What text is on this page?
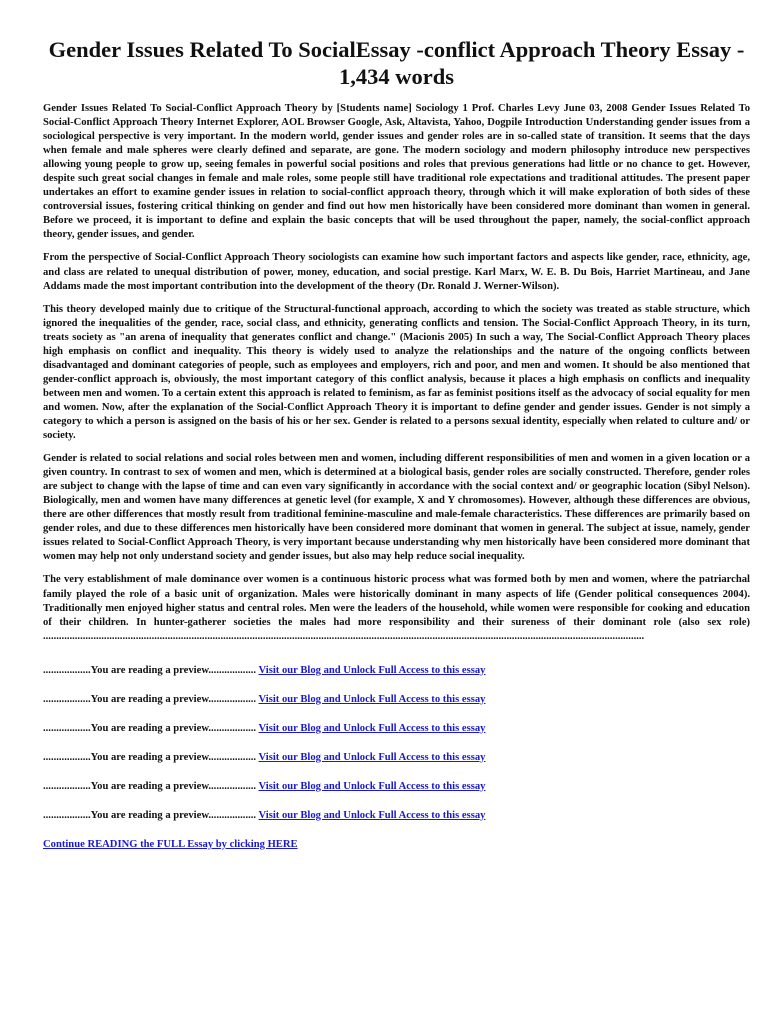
Gender Issues Related To SocialEssay -conflict Approach Theory Essay - 1,434 words

Gender Issues Related To Social-Conflict Approach Theory by [Students name] Sociology 1 Prof. Charles Levy June 03, 2008 Gender Issues Related To Social-Conflict Approach Theory Internet Explorer, AOL Browser Google, Ask, Altavista, Yahoo, Dogpile Introduction Understanding gender issues from a sociological perspective is very important. In the modern world, gender issues and gender roles are in so-called state of transition. It seems that the days when female and male spheres were clearly defined and separate, are gone. The modern sociology and modern philosophy introduce new perspectives allowing young people to grow up, seeing females in powerful social positions and roles that previous generations had little or no chance to get. However, despite such great social changes in female and male roles, some people still have traditional role expectations and traditional attitudes. The present paper undertakes an effort to examine gender issues in relation to social-conflict approach theory, through which it will make exploration of both sides of these controversial issues, fostering critical thinking on gender and find out how men historically have been considered more dominant than women in general. Before we proceed, it is important to define and explain the basic concepts that will be used throughout the paper, namely, the social-conflict approach theory, gender issues, and gender.

From the perspective of Social-Conflict Approach Theory sociologists can examine how such important factors and aspects like gender, race, ethnicity, age, and class are related to unequal distribution of power, money, education, and social prestige. Karl Marx, W. E. B. Du Bois, Harriet Martineau, and Jane Addams made the most important contribution into the development of the theory (Dr. Ronald J. Werner-Wilson).

This theory developed mainly due to critique of the Structural-functional approach, according to which the society was treated as stable structure, which ignored the inequalities of the gender, race, social class, and ethnicity, generating conflicts and tension. The Social-Conflict Approach Theory, in its turn, treats society as "an arena of inequality that generates conflict and change." (Macionis 2005) In such a way, The Social-Conflict Approach Theory places high emphasis on conflict and inequality. This theory is widely used to analyze the relationships and the nature of the ongoing conflicts between disadvantaged and dominant categories of people, such as employees and employers, rich and poor, and men and women. It should be also mentioned that gender-conflict approach is, obviously, the most important category of this conflict analysis, because it places a high emphasis on conflicts and inequality between men and women. To a certain extent this approach is related to feminism, as far as feminist positions itself as the advocacy of social equality for men and women. Now, after the explanation of the Social-Conflict Approach Theory it is important to define gender and gender issues. Gender is not simply a category to which a person is assigned on the basis of his or her sex. Gender is related to a persons sexual identity, especially when related to culture and/ or society.

Gender is related to social relations and social roles between men and women, including different responsibilities of men and women in a given location or a given country. In contrast to sex of women and men, which is determined at a biological basis, gender roles are socially constructed. Therefore, gender roles are subject to change with the lapse of time and can even vary significantly in accordance with the social context and/ or geographic location (Sibyl Nelson). Biologically, men and women have many differences at genetic level (for example, X and Y chromosomes). However, although these differences are obvious, there are other differences that mostly result from traditional feminine-masculine and male-female characteristics. These differences are primarily based on gender roles, and due to these differences men historically have been considered more dominant that women in general. The subject at issue, namely, gender issues related to Social-Conflict Approach Theory, is very important because understanding why men historically have been considered more dominant that women may help not only understand society and gender issues, but also may help reduce social inequality.

The very establishment of male dominance over women is a continuous historic process what was formed both by men and women, where the patriarchal family played the role of a basic unit of organization. Males were historically dominant in many aspects of life (Gender political consequences 2004). Traditionally men enjoyed higher status and central roles. Men were the leaders of the household, while women were responsible for cooking and education of their children. In hunter-gatherer societies the males had more responsibility and their sureness of their dominant role (also sex role)

...................................................................................................................................................................................................................................
..................You are reading a preview.................. Visit our Blog and Unlock Full Access to this essay
..................You are reading a preview.................. Visit our Blog and Unlock Full Access to this essay
..................You are reading a preview.................. Visit our Blog and Unlock Full Access to this essay
..................You are reading a preview.................. Visit our Blog and Unlock Full Access to this essay
..................You are reading a preview.................. Visit our Blog and Unlock Full Access to this essay
..................You are reading a preview.................. Visit our Blog and Unlock Full Access to this essay
Continue READING the FULL Essay by clicking HERE
